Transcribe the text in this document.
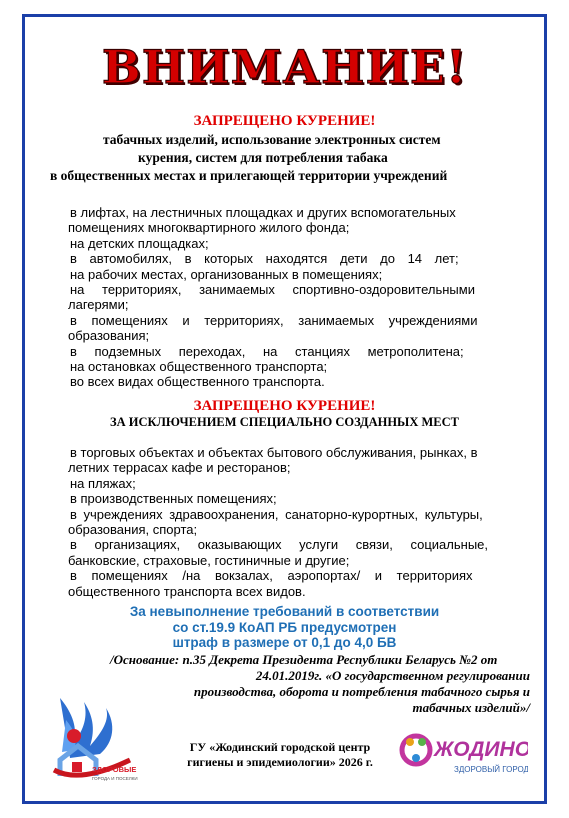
ВНИМАНИЕ!
ЗАПРЕЩЕНО КУРЕНИЕ!
табачных изделий, использование электронных систем
курения, систем для потребления табака
в общественных местах и прилегающей территории учреждений
в лифтах, на лестничных площадках и других вспомогательных
помещениях многоквартирного жилого фонда;
на детских площадках;
в автомобилях, в которых находятся дети до 14 лет;
на рабочих местах, организованных в помещениях;
на территориях, занимаемых спортивно-оздоровительными
лагерями;
в помещениях и территориях, занимаемых учреждениями
образования;
в подземных переходах, на станциях метрополитена;
на остановках общественного транспорта;
во всех видах общественного транспорта.
ЗАПРЕЩЕНО КУРЕНИЕ!
ЗА ИСКЛЮЧЕНИЕМ СПЕЦИАЛЬНО СОЗДАННЫХ МЕСТ
в торговых объектах и объектах бытового обслуживания, рынках, в
летних террасах кафе и ресторанов;
на пляжах;
в производственных помещениях;
в учреждениях здравоохранения, санаторно-курортных, культуры,
образования, спорта;
в организациях, оказывающих услуги связи, социальные,
банковские, страховые, гостиничные и другие;
в помещениях /на вокзалах, аэропортах/ и территориях
общественного транспорта всех видов.
За невыполнение требований в соответствии
со ст.19.9 КоАП РБ предусмотрен
штраф в размере от 0,1 до 4,0 БВ
/Основание: п.35 Декрета Президента Республики Беларусь №2 от
24.01.2019г. «О государственном регулировании
производства, оборота и потребления табачного сырья и
табачных изделий»/
ЗДОРОВЫЕ
ГОРОДА И ПОСЕЛКИ
ГУ «Жодинский городской центр
гигиены и эпидемиологии» 2026 г.
ЖОДИНО
ЗДОРОВЫЙ ГОРОД
